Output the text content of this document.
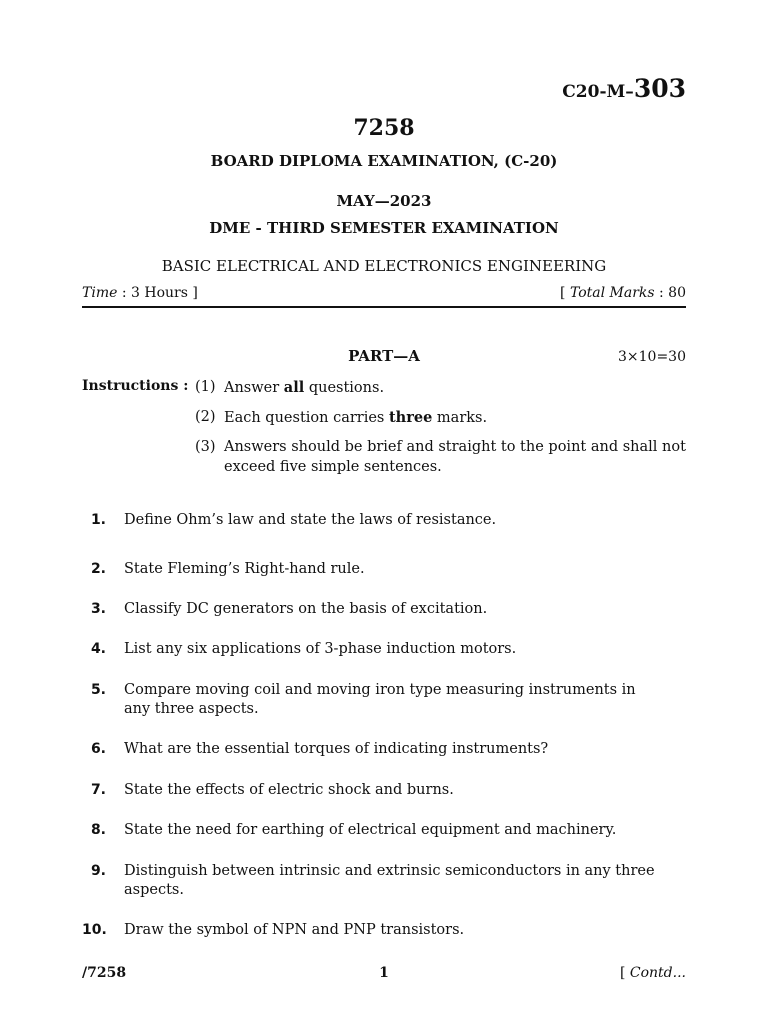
C20-M–303
7258
BOARD DIPLOMA EXAMINATION, (C-20)
MAY—2023
DME - THIRD SEMESTER EXAMINATION
BASIC ELECTRICAL AND ELECTRONICS ENGINEERING
Time : 3 Hours ]	[ Total Marks : 80
PART—A	3×10=30
Instructions : (1) Answer all questions.
(2) Each question carries three marks.
(3) Answers should be brief and straight to the point and shall not exceed five simple sentences.
1. Define Ohm’s law and state the laws of resistance.
2. State Fleming’s Right-hand rule.
3. Classify DC generators on the basis of excitation.
4. List any six applications of 3-phase induction motors.
5. Compare moving coil and moving iron type measuring instruments in any three aspects.
6. What are the essential torques of indicating instruments?
7. State the effects of electric shock and burns.
8. State the need for earthing of electrical equipment and machinery.
9. Distinguish between intrinsic and extrinsic semiconductors in any three aspects.
10. Draw the symbol of NPN and PNP transistors.
/7258	1	[ Contd...
